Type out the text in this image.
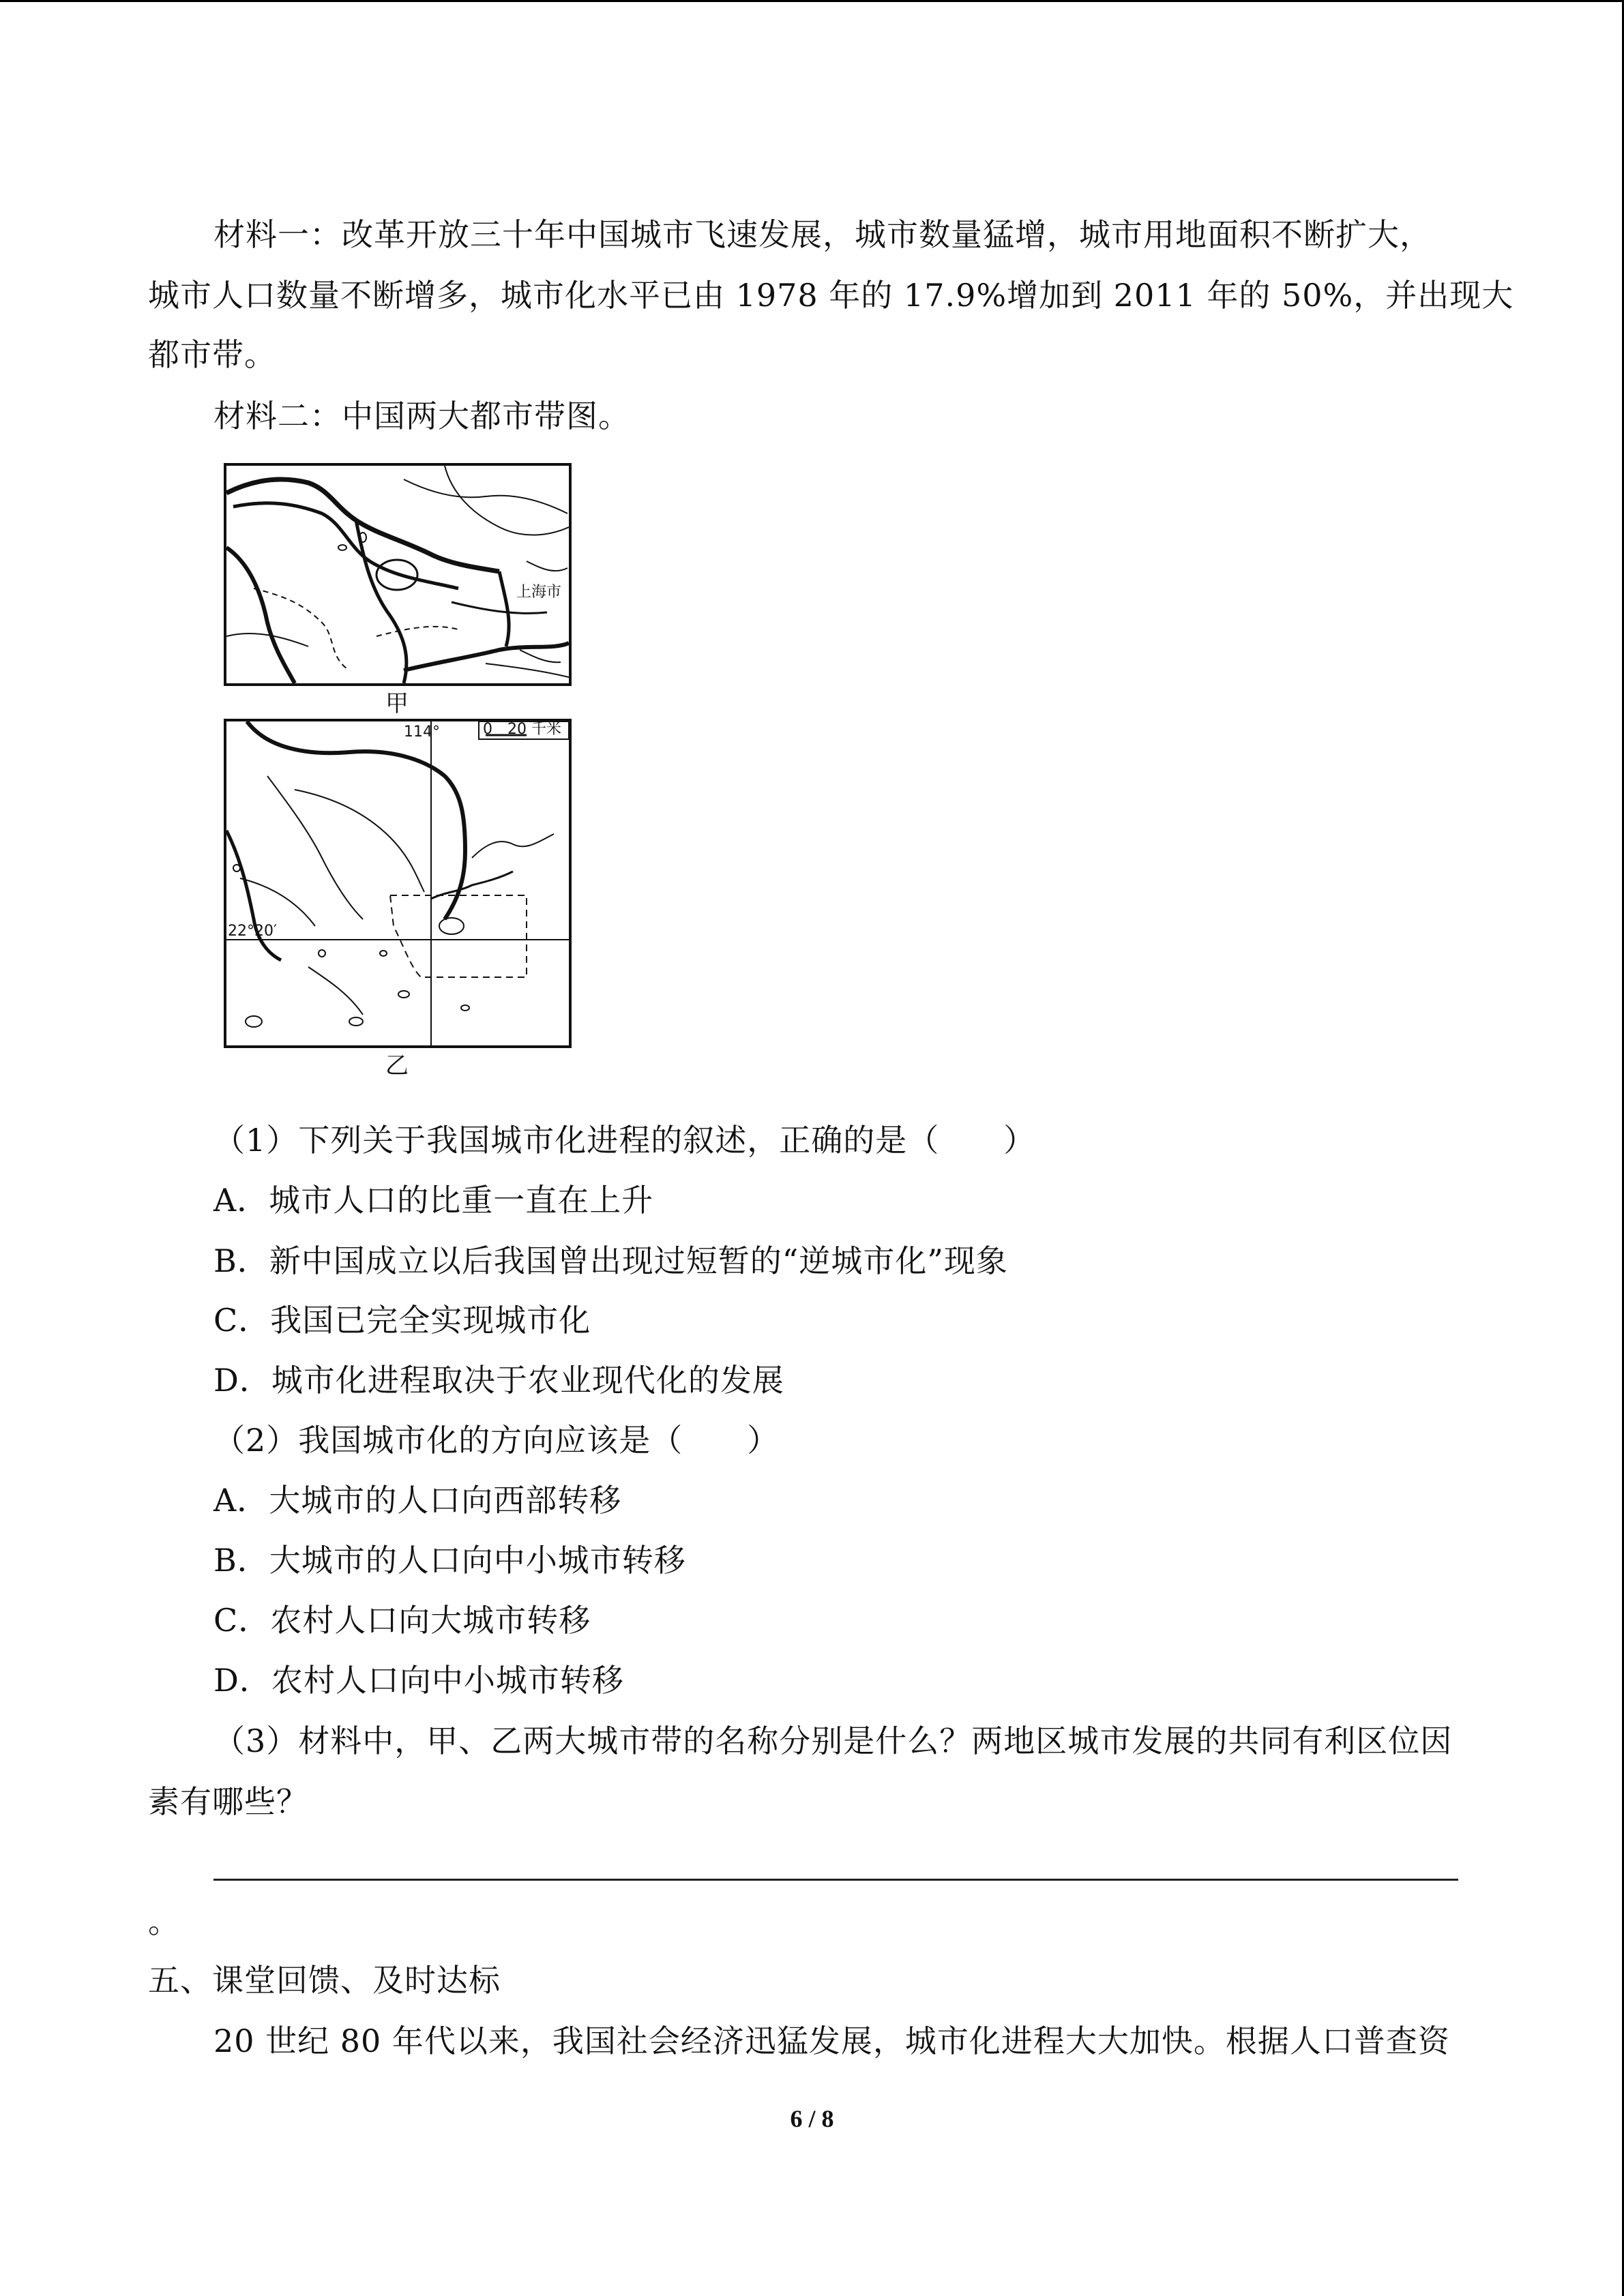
材料一：改革开放三十年中国城市飞速发展，城市数量猛增，城市用地面积不断扩大，
城市人口数量不断增多，城市化水平已由 1978 年的 17.9%增加到 2011 年的 50%，并出现大
都市带。
材料二：中国两大都市带图。
上海市
甲
114°
22°20′
0 20 千米
乙
（1）下列关于我国城市化进程的叙述，正确的是（　　）
A．城市人口的比重一直在上升
B．新中国成立以后我国曾出现过短暂的“逆城市化”现象
C．我国已完全实现城市化
D．城市化进程取决于农业现代化的发展
（2）我国城市化的方向应该是（　　）
A．大城市的人口向西部转移
B．大城市的人口向中小城市转移
C．农村人口向大城市转移
D．农村人口向中小城市转移
（3）材料中，甲、乙两大城市带的名称分别是什么？两地区城市发展的共同有利区位因
素有哪些？
。
五、课堂回馈、及时达标
20 世纪 80 年代以来，我国社会经济迅猛发展，城市化进程大大加快。根据人口普查资
6 / 8
